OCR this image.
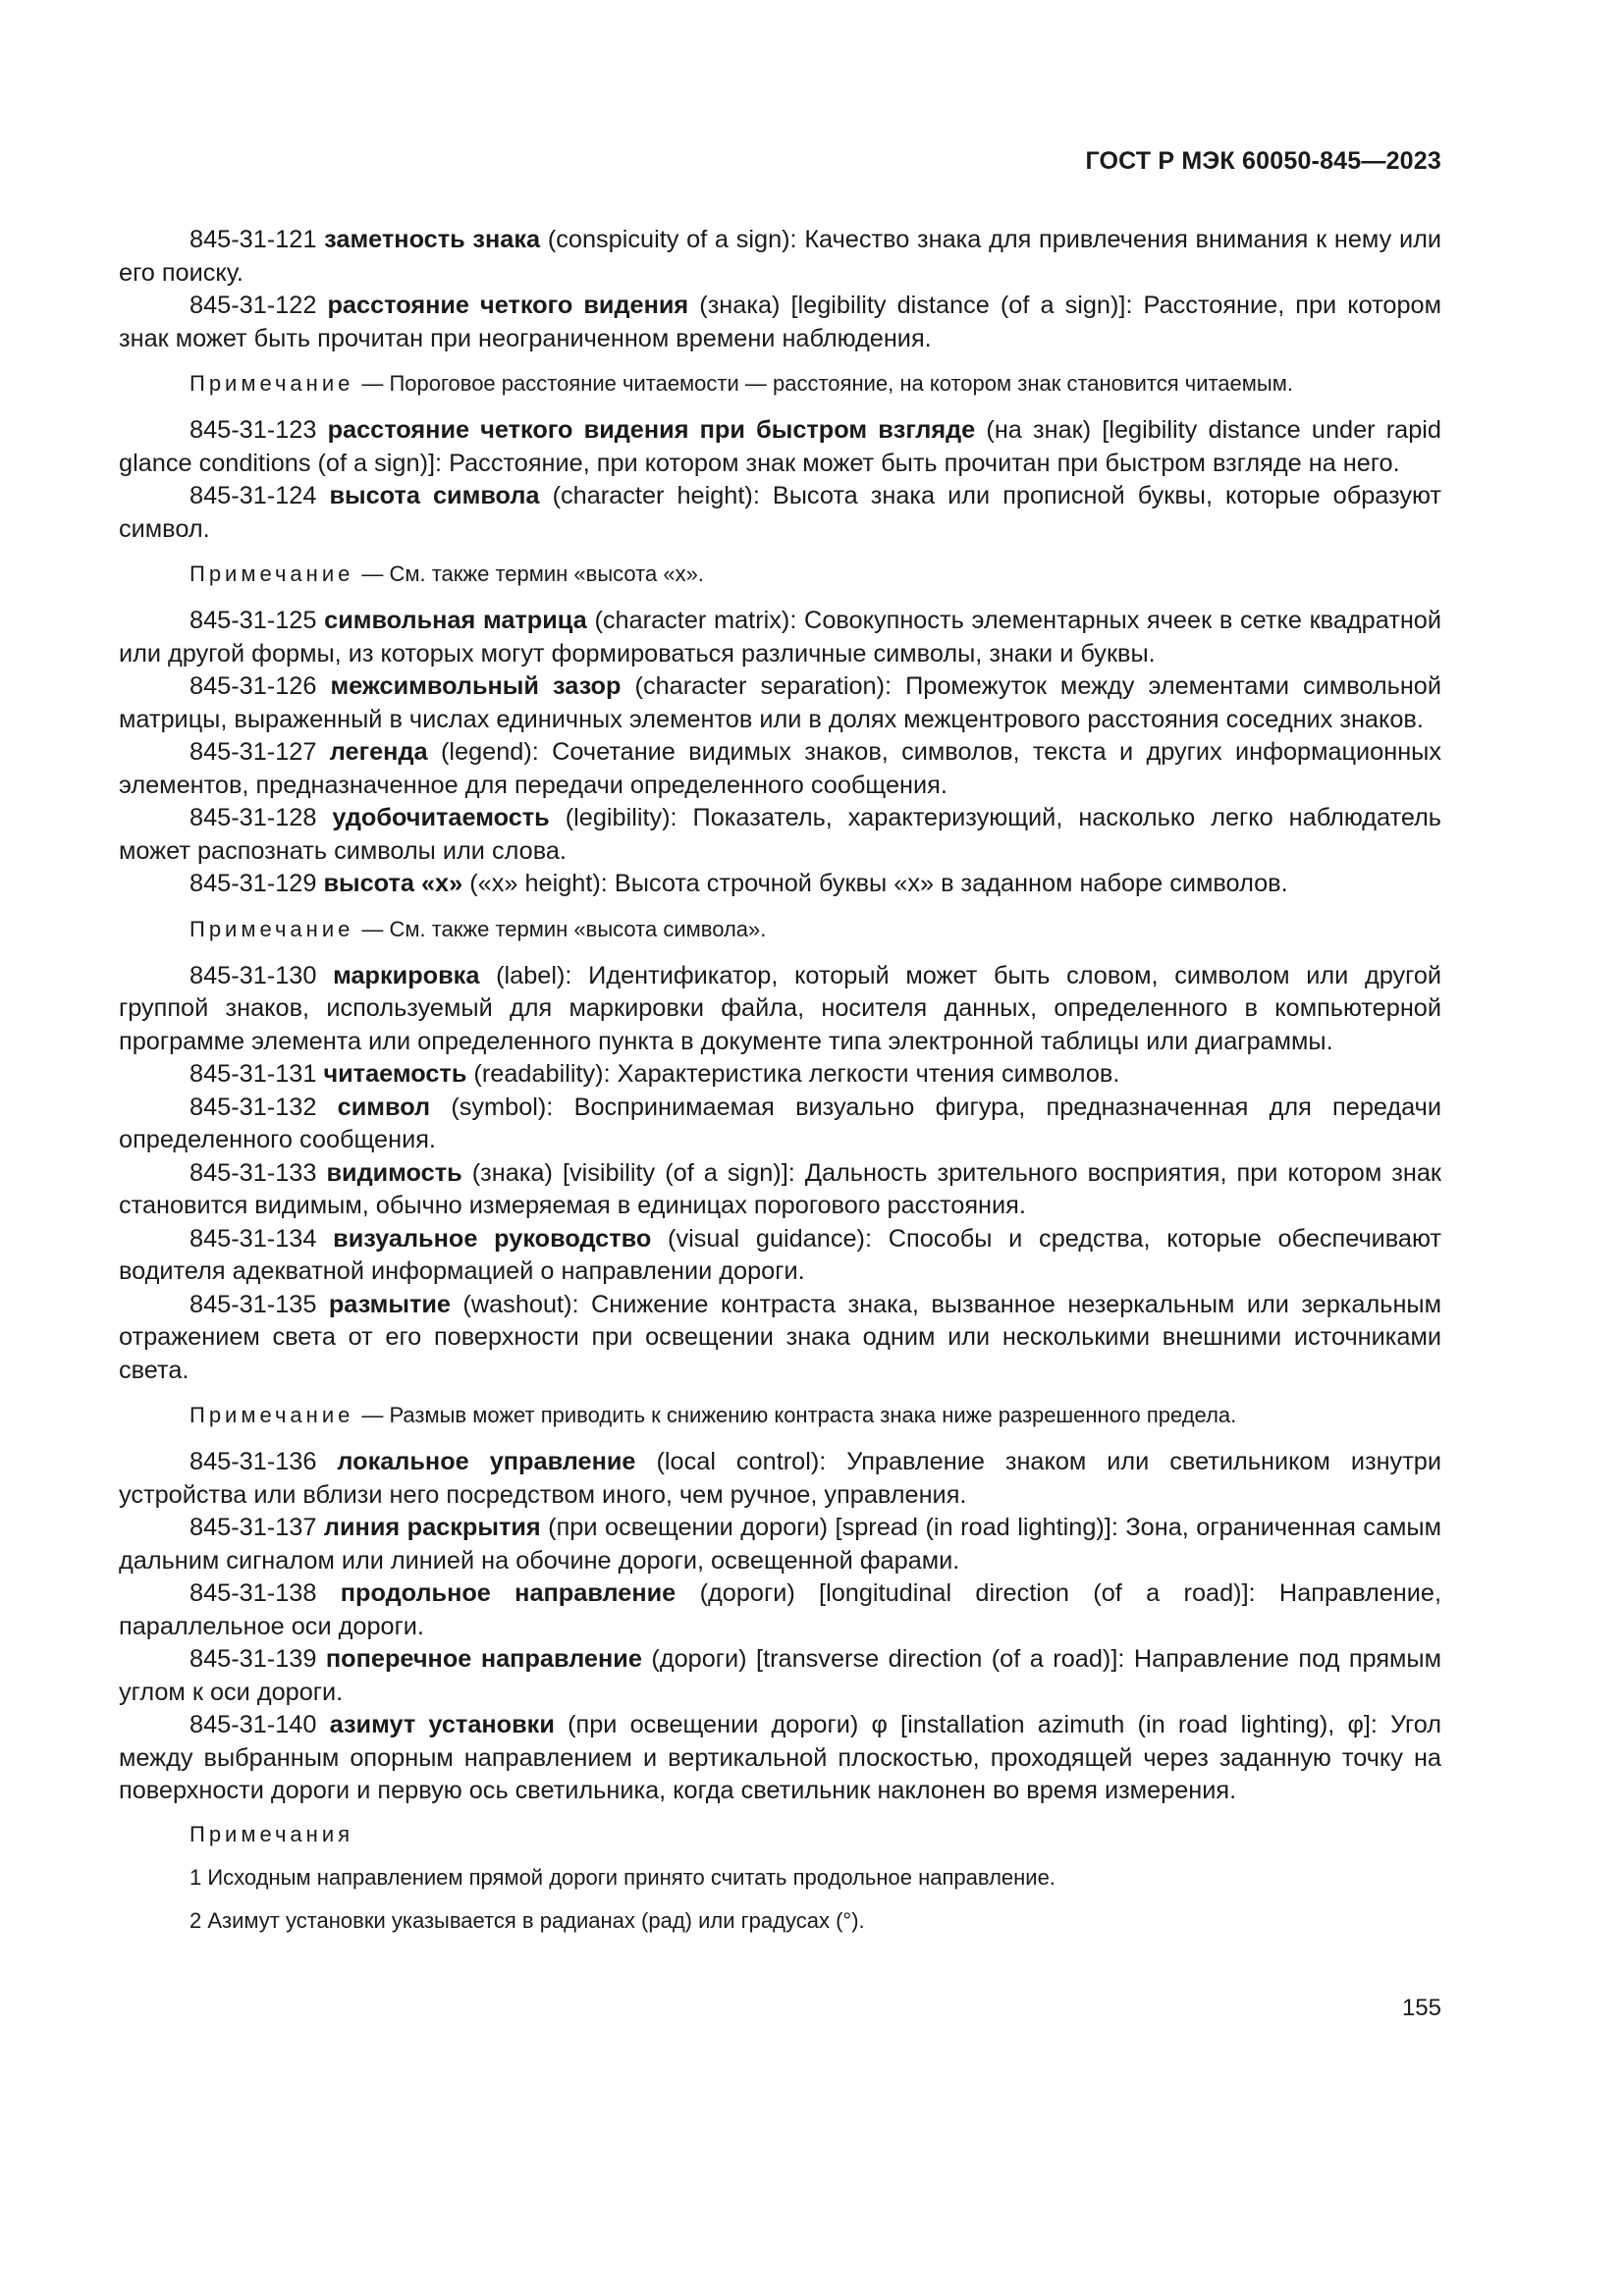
ГОСТ Р МЭК 60050-845—2023

845-31-121 заметность знака (conspicuity of a sign): Качество знака для привлечения внимания к нему или его поиску.

845-31-122 расстояние четкого видения (знака) [legibility distance (of a sign)]: Расстояние, при котором знак может быть прочитан при неограниченном времени наблюдения.

Примечание — Пороговое расстояние читаемости — расстояние, на котором знак становится читаемым.

845-31-123 расстояние четкого видения при быстром взгляде (на знак) [legibility distance under rapid glance conditions (of a sign)]: Расстояние, при котором знак может быть прочитан при быстром взгляде на него.

845-31-124 высота символа (character height): Высота знака или прописной буквы, которые образуют символ.

Примечание — См. также термин «высота «x».

845-31-125 символьная матрица (character matrix): Совокупность элементарных ячеек в сетке квадратной или другой формы, из которых могут формироваться различные символы, знаки и буквы.

845-31-126 межсимвольный зазор (character separation): Промежуток между элементами символьной матрицы, выраженный в числах единичных элементов или в долях межцентрового расстояния соседних знаков.

845-31-127 легенда (legend): Сочетание видимых знаков, символов, текста и других информационных элементов, предназначенное для передачи определенного сообщения.

845-31-128 удобочитаемость (legibility): Показатель, характеризующий, насколько легко наблюдатель может распознать символы или слова.

845-31-129 высота «x» («x» height): Высота строчной буквы «x» в заданном наборе символов.

Примечание — См. также термин «высота символа».

845-31-130 маркировка (label): Идентификатор, который может быть словом, символом или другой группой знаков, используемый для маркировки файла, носителя данных, определенного в компьютерной программе элемента или определенного пункта в документе типа электронной таблицы или диаграммы.

845-31-131 читаемость (readability): Характеристика легкости чтения символов.

845-31-132 символ (symbol): Воспринимаемая визуально фигура, предназначенная для передачи определенного сообщения.

845-31-133 видимость (знака) [visibility (of a sign)]: Дальность зрительного восприятия, при котором знак становится видимым, обычно измеряемая в единицах порогового расстояния.

845-31-134 визуальное руководство (visual guidance): Способы и средства, которые обеспечивают водителя адекватной информацией о направлении дороги.

845-31-135 размытие (washout): Снижение контраста знака, вызванное незеркальным или зеркальным отражением света от его поверхности при освещении знака одним или несколькими внешними источниками света.

Примечание — Размыв может приводить к снижению контраста знака ниже разрешенного предела.

845-31-136 локальное управление (local control): Управление знаком или светильником изнутри устройства или вблизи него посредством иного, чем ручное, управления.

845-31-137 линия раскрытия (при освещении дороги) [spread (in road lighting)]: Зона, ограниченная самым дальним сигналом или линией на обочине дороги, освещенной фарами.

845-31-138 продольное направление (дороги) [longitudinal direction (of a road)]: Направление, параллельное оси дороги.

845-31-139 поперечное направление (дороги) [transverse direction (of a road)]: Направление под прямым углом к оси дороги.

845-31-140 азимут установки (при освещении дороги) φ [installation azimuth (in road lighting), φ]: Угол между выбранным опорным направлением и вертикальной плоскостью, проходящей через заданную точку на поверхности дороги и первую ось светильника, когда светильник наклонен во время измерения.

Примечания

1 Исходным направлением прямой дороги принято считать продольное направление.

2 Азимут установки указывается в радианах (рад) или градусах (°).

155
